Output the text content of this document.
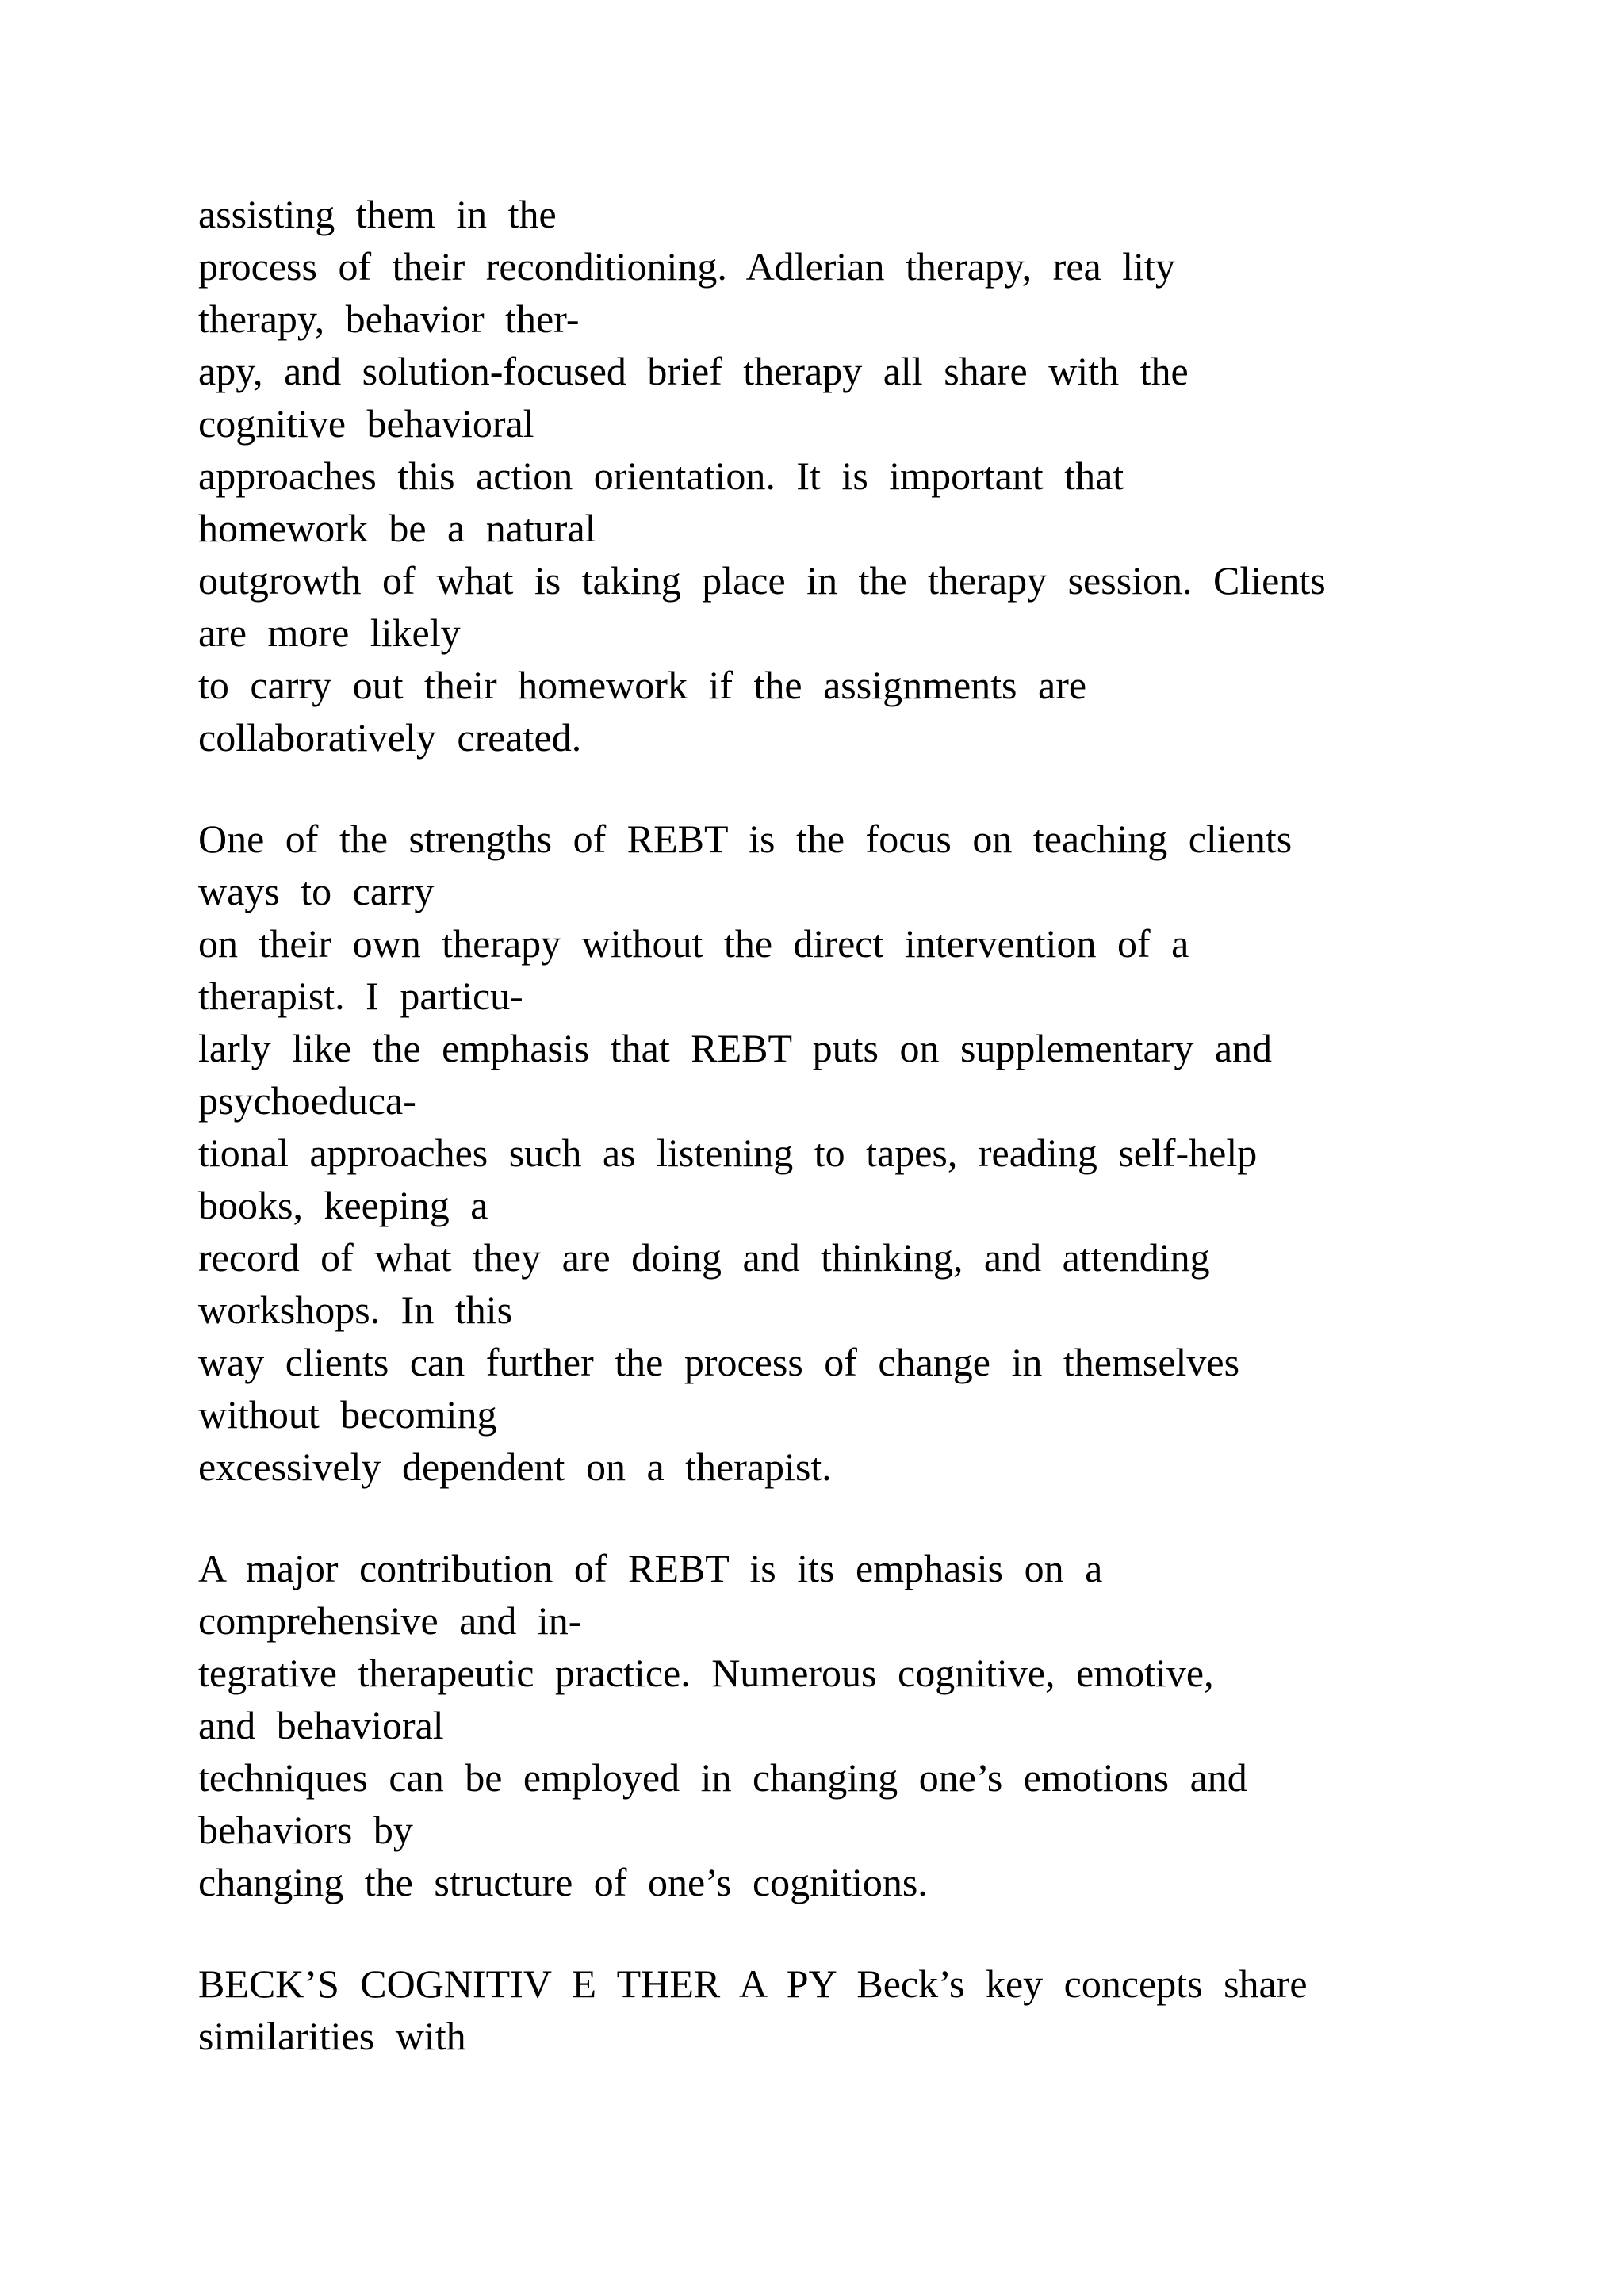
assisting them in the
process of their reconditioning. Adlerian therapy, rea lity
therapy, behavior ther-
apy, and solution-focused brief therapy all share with the
cognitive behavioral
approaches this action orientation. It is important that
homework be a natural
outgrowth of what is taking place in the therapy session. Clients
are more likely
to carry out their homework if the assignments are
collaboratively created.
One of the strengths of REBT is the focus on teaching clients
ways to carry
on their own therapy without the direct intervention of a
therapist. I particu-
larly like the emphasis that REBT puts on supplementary and
psychoeduca-
tional approaches such as listening to tapes, reading self-help
books, keeping a
record of what they are doing and thinking, and attending
workshops. In this
way clients can further the process of change in themselves
without becoming
excessively dependent on a therapist.
A major contribution of REBT is its emphasis on a
comprehensive and in-
tegrative therapeutic practice. Numerous cognitive, emotive,
and behavioral
techniques can be employed in changing one’s emotions and
behaviors by
changing the structure of one’s cognitions.
BECK’S COGNITIV E THER A PY Beck’s key concepts share
similarities with
